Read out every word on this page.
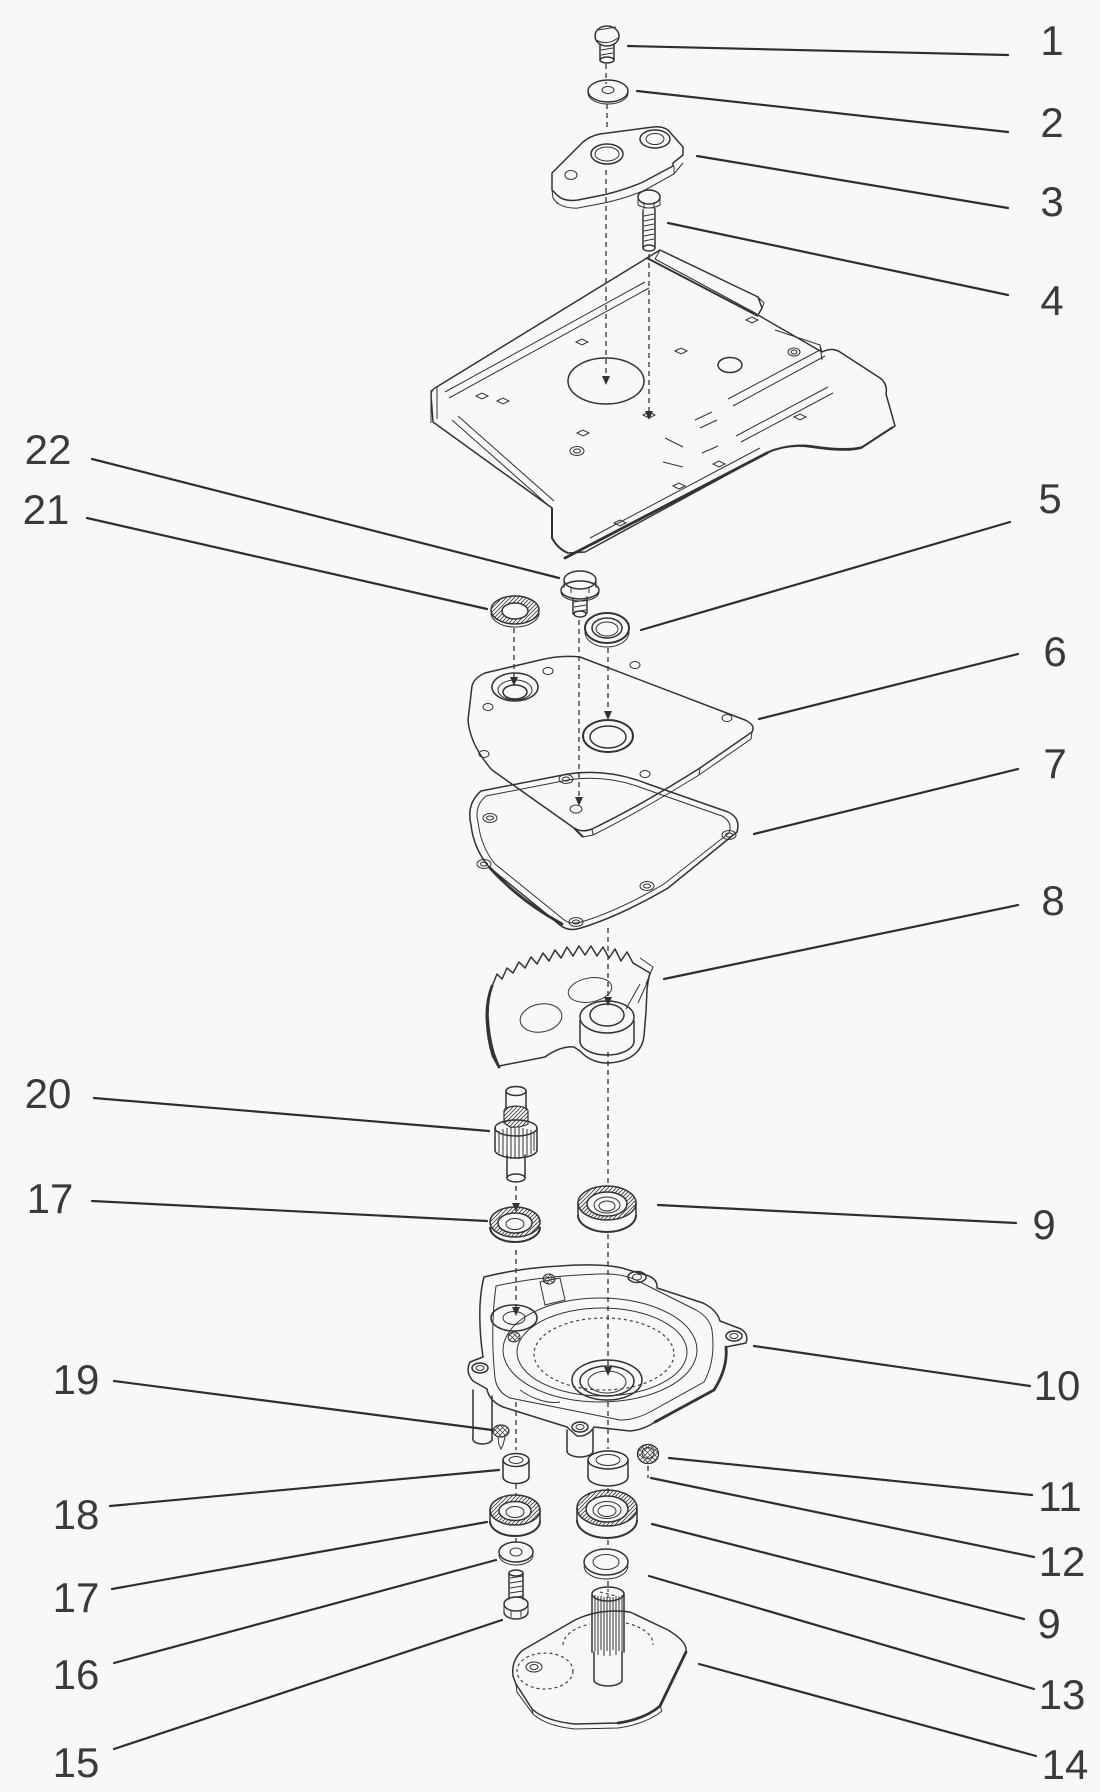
1
2
3
4
5
6
7
8
9
10
11
12
9
13
14
22
21
20
17
19
18
17
16
15
